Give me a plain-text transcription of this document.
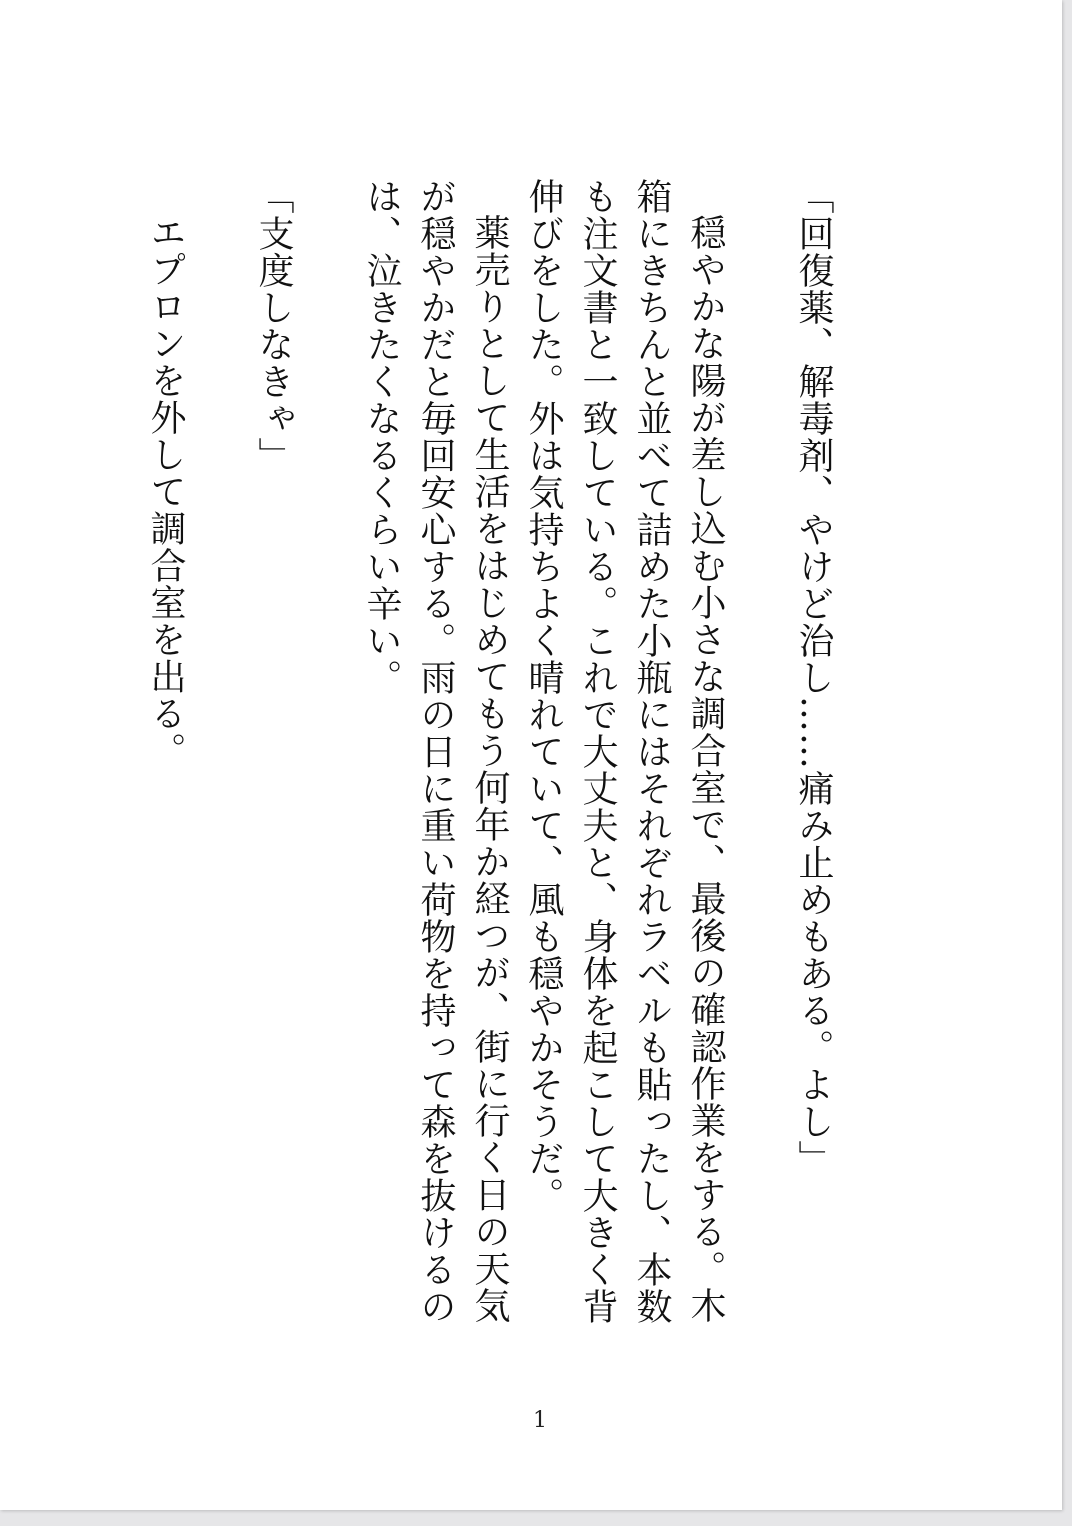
「回復薬、解毒剤、やけど治し……痛み止めもある。よし」

穏やかな陽が差し込む小さな調合室で、最後の確認作業をする。木箱にきちんと並べて詰めた小瓶にはそれぞれラベルも貼ったし、本数も注文書と一致している。これで大丈夫と、身体を起こして大きく背伸びをした。外は気持ちよく晴れていて、風も穏やかそうだ。

薬売りとして生活をはじめてもう何年か経つが、街に行く日の天気が穏やかだと毎回安心する。雨の日に重い荷物を持って森を抜けるのは、泣きたくなるくらい辛い。

「支度しなきゃ」

エプロンを外して調合室を出る。

1
